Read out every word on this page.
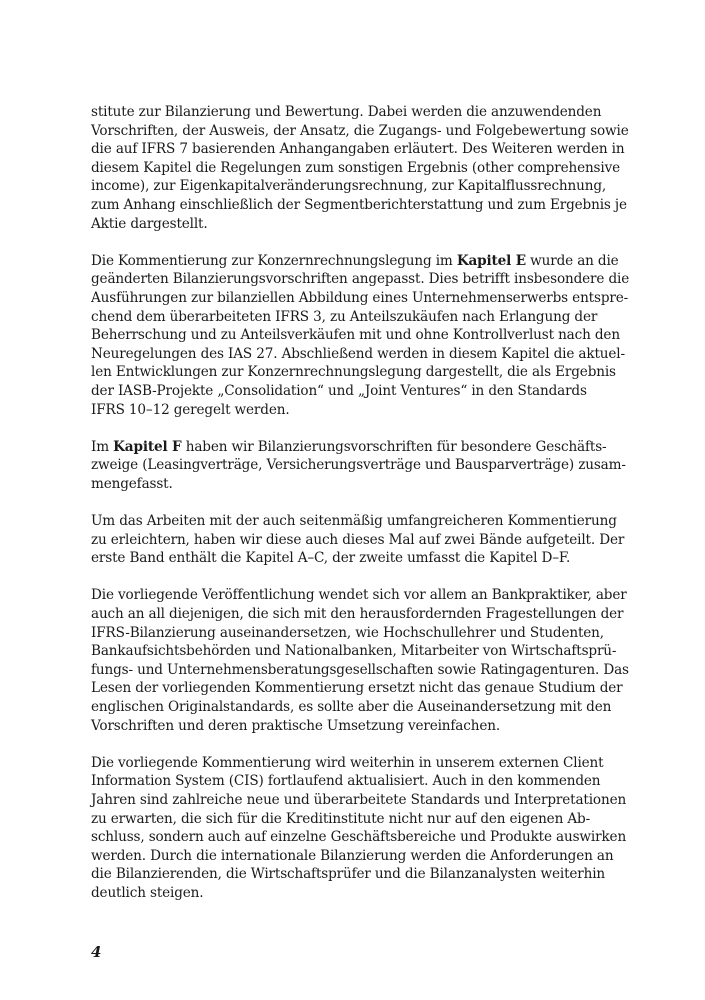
stitute zur Bilanzierung und Bewertung. Dabei werden die anzuwendenden
Vorschriften, der Ausweis, der Ansatz, die Zugangs- und Folgebewertung sowie
die auf IFRS 7 basierenden Anhangangaben erläutert. Des Weiteren werden in
diesem Kapitel die Regelungen zum sonstigen Ergebnis (other comprehensive
income), zur Eigenkapitalveränderungsrechnung, zur Kapitalflussrechnung,
zum Anhang einschließlich der Segmentberichterstattung und zum Ergebnis je
Aktie dargestellt.

Die Kommentierung zur Konzernrechnungslegung im Kapitel E wurde an die
geänderten Bilanzierungsvorschriften angepasst. Dies betrifft insbesondere die
Ausführungen zur bilanziellen Abbildung eines Unternehmenserwerbs entspre-
chend dem überarbeiteten IFRS 3, zu Anteilszukäufen nach Erlangung der
Beherrschung und zu Anteilsverkäufen mit und ohne Kontrollverlust nach den
Neuregelungen des IAS 27. Abschließend werden in diesem Kapitel die aktuel-
len Entwicklungen zur Konzernrechnungslegung dargestellt, die als Ergebnis
der IASB-Projekte „Consolidation“ und „Joint Ventures“ in den Standards
IFRS 10–12 geregelt werden.

Im Kapitel F haben wir Bilanzierungsvorschriften für besondere Geschäfts-
zweige (Leasingverträge, Versicherungsverträge und Bausparverträge) zusam-
mengefasst.

Um das Arbeiten mit der auch seitenmäßig umfangreicheren Kommentierung
zu erleichtern, haben wir diese auch dieses Mal auf zwei Bände aufgeteilt. Der
erste Band enthält die Kapitel A–C, der zweite umfasst die Kapitel D–F.

Die vorliegende Veröffentlichung wendet sich vor allem an Bankpraktiker, aber
auch an all diejenigen, die sich mit den herausfordernden Fragestellungen der
IFRS-Bilanzierung auseinandersetzen, wie Hochschullehrer und Studenten,
Bankaufsichtsbehörden und Nationalbanken, Mitarbeiter von Wirtschaftsprü-
fungs- und Unternehmensberatungsgesellschaften sowie Ratingagenturen. Das
Lesen der vorliegenden Kommentierung ersetzt nicht das genaue Studium der
englischen Originalstandards, es sollte aber die Auseinandersetzung mit den
Vorschriften und deren praktische Umsetzung vereinfachen.

Die vorliegende Kommentierung wird weiterhin in unserem externen Client
Information System (CIS) fortlaufend aktualisiert. Auch in den kommenden
Jahren sind zahlreiche neue und überarbeitete Standards und Interpretationen
zu erwarten, die sich für die Kreditinstitute nicht nur auf den eigenen Ab-
schluss, sondern auch auf einzelne Geschäftsbereiche und Produkte auswirken
werden. Durch die internationale Bilanzierung werden die Anforderungen an
die Bilanzierenden, die Wirtschaftsprüfer und die Bilanzanalysten weiterhin
deutlich steigen.

4
